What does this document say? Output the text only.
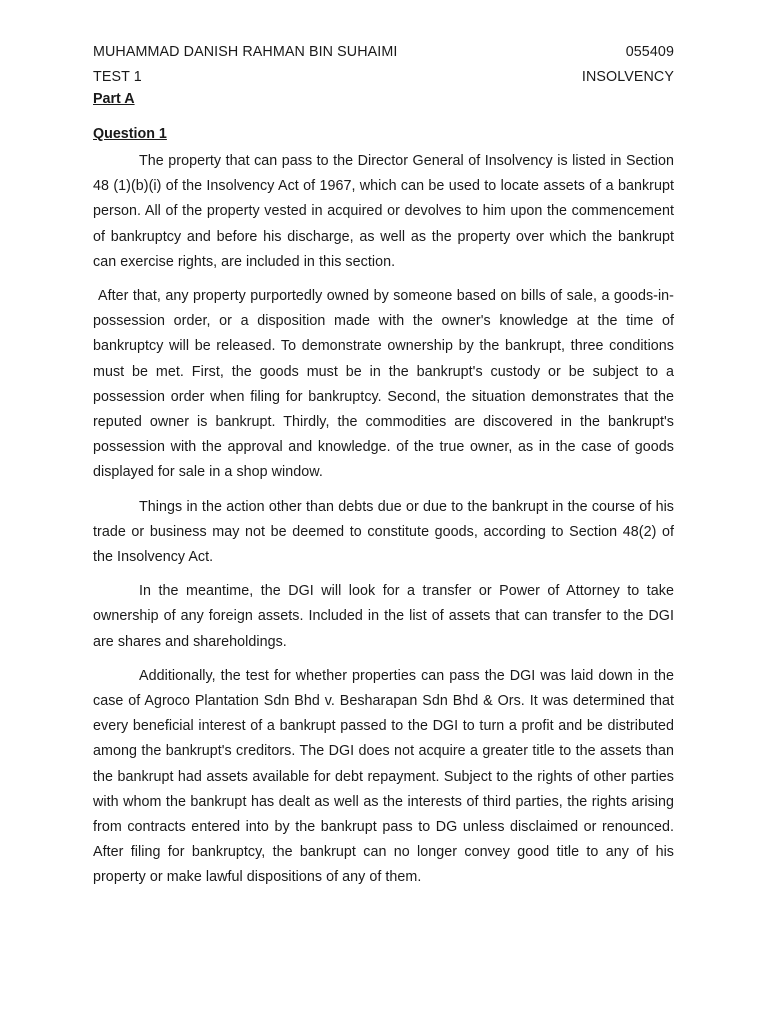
MUHAMMAD DANISH RAHMAN BIN SUHAIMI	055409
TEST 1	INSOLVENCY
Part A
Question 1

The property that can pass to the Director General of Insolvency is listed in Section 48 (1)(b)(i) of the Insolvency Act of 1967, which can be used to locate assets of a bankrupt person. All of the property vested in acquired or devolves to him upon the commencement of bankruptcy and before his discharge, as well as the property over which the bankrupt can exercise rights, are included in this section.

After that, any property purportedly owned by someone based on bills of sale, a goods-in-possession order, or a disposition made with the owner's knowledge at the time of bankruptcy will be released. To demonstrate ownership by the bankrupt, three conditions must be met. First, the goods must be in the bankrupt's custody or be subject to a possession order when filing for bankruptcy. Second, the situation demonstrates that the reputed owner is bankrupt. Thirdly, the commodities are discovered in the bankrupt's possession with the approval and knowledge. of the true owner, as in the case of goods displayed for sale in a shop window.

Things in the action other than debts due or due to the bankrupt in the course of his trade or business may not be deemed to constitute goods, according to Section 48(2) of the Insolvency Act.

In the meantime, the DGI will look for a transfer or Power of Attorney to take ownership of any foreign assets. Included in the list of assets that can transfer to the DGI are shares and shareholdings.

Additionally, the test for whether properties can pass the DGI was laid down in the case of Agroco Plantation Sdn Bhd v. Besharapan Sdn Bhd & Ors. It was determined that every beneficial interest of a bankrupt passed to the DGI to turn a profit and be distributed among the bankrupt's creditors. The DGI does not acquire a greater title to the assets than the bankrupt had assets available for debt repayment. Subject to the rights of other parties with whom the bankrupt has dealt as well as the interests of third parties, the rights arising from contracts entered into by the bankrupt pass to DG unless disclaimed or renounced. After filing for bankruptcy, the bankrupt can no longer convey good title to any of his property or make lawful dispositions of any of them.
